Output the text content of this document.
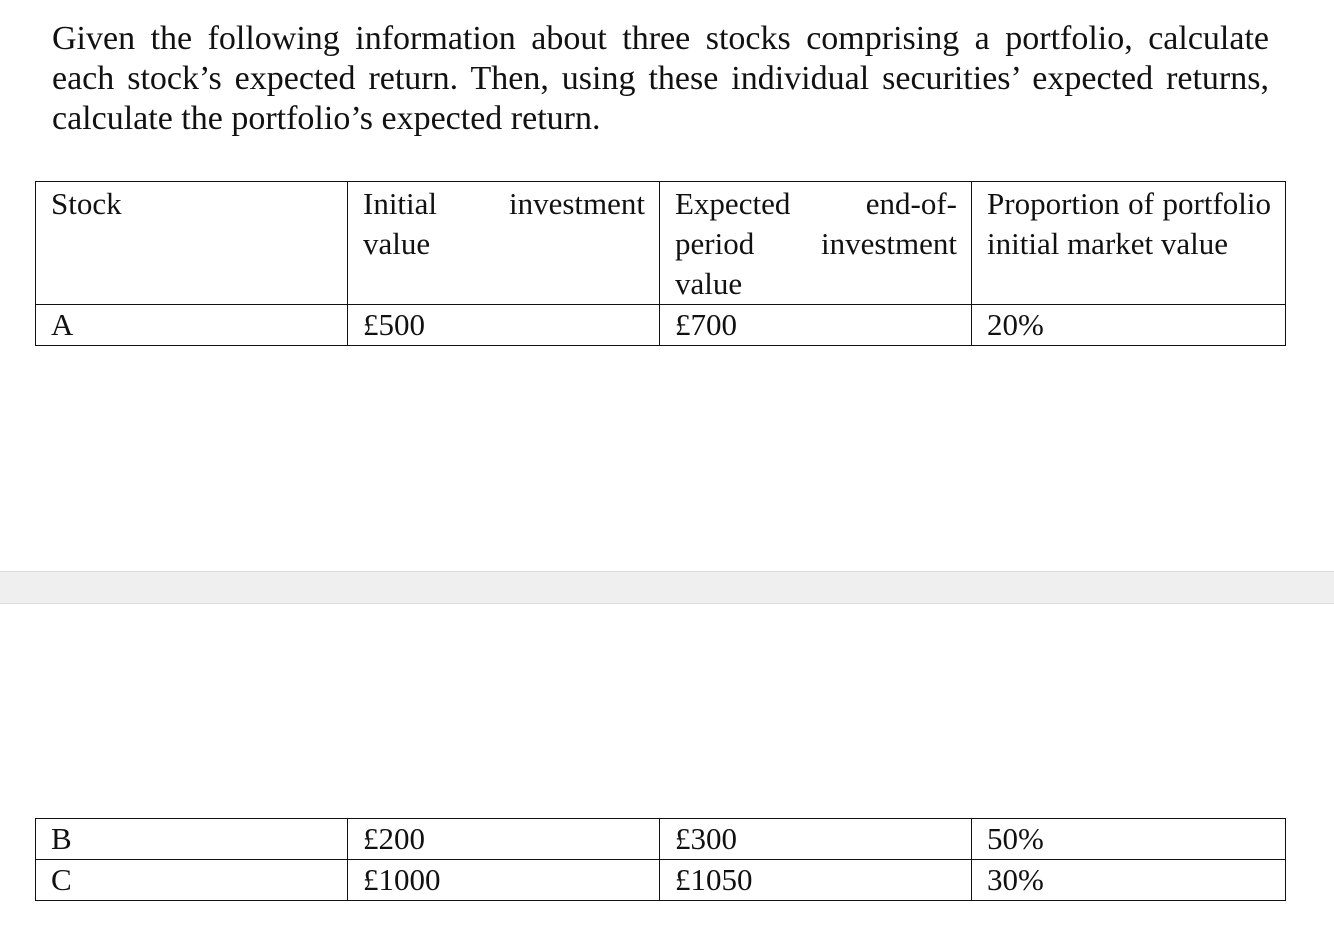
Given the following information about three stocks comprising a portfolio, calculate each stock’s expected return. Then, using these individual securities’ expected returns, calculate the portfolio’s expected return.

Stock	Initial investment value	Expected end-of-period investment value	Proportion of portfolio initial market value
A	£500	£700	20%
B	£200	£300	50%
C	£1000	£1050	30%
